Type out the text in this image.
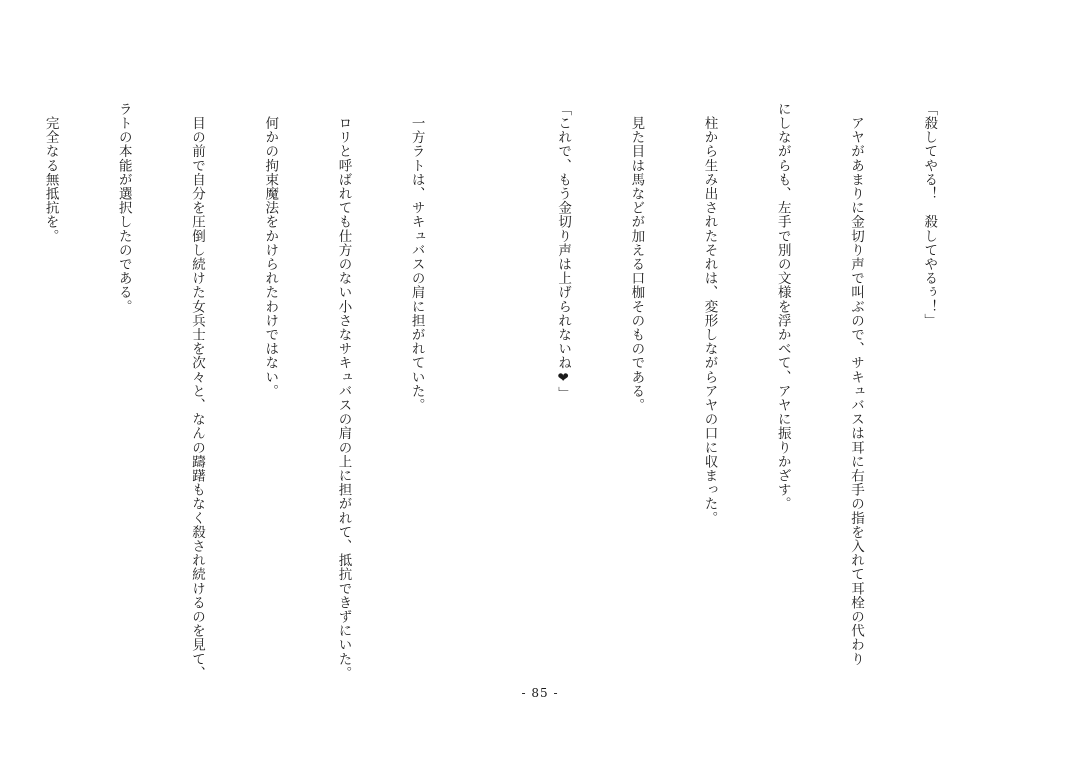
「殺してやる！　殺してやるぅ！」

　アヤがあまりに金切り声で叫ぶので、サキュバスは耳に右手の指を入れて耳栓の代わり

にしながらも、左手で別の文様を浮かべて、アヤに振りかざす。

　柱から生み出されたそれは、変形しながらアヤの口に収まった。

　見た目は馬などが加える口枷そのものである。

「これで、もう金切り声は上げられないね❤」

　一方ラトは、サキュバスの肩に担がれていた。

　ロリと呼ばれても仕方のない小さなサキュバスの肩の上に担がれて、抵抗できずにいた。

　何かの拘束魔法をかけられたわけではない。

　目の前で自分を圧倒し続けた女兵士を次々と、なんの躊躇もなく殺され続けるのを見て、

ラトの本能が選択したのである。

　完全なる無抵抗を。

- 85 -
